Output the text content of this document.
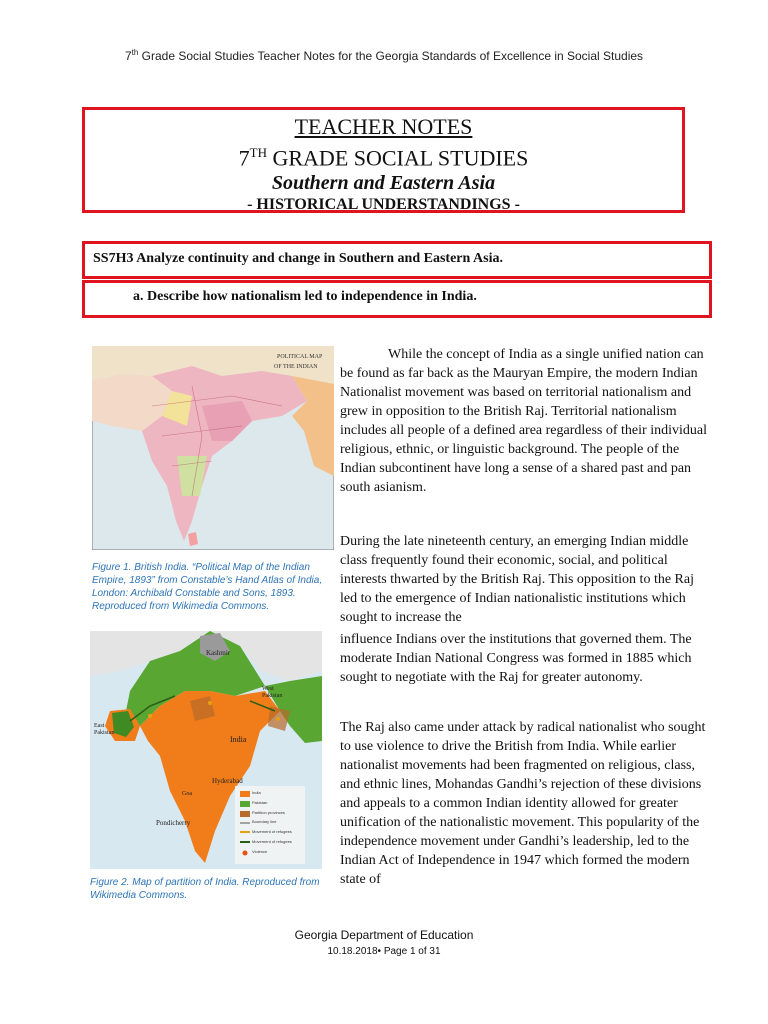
7th Grade Social Studies Teacher Notes for the Georgia Standards of Excellence in Social Studies
TEACHER NOTES
7TH GRADE SOCIAL STUDIES
Southern and Eastern Asia
- HISTORICAL UNDERSTANDINGS -
SS7H3 Analyze continuity and change in Southern and Eastern Asia.
a. Describe how nationalism led to independence in India.
POLITICAL MAP
OF THE INDIAN
Figure 1. British India. “Political Map of the Indian Empire, 1893” from Constable’s Hand Atlas of India, London: Archibald Constable and Sons, 1893. Reproduced from Wikimedia Commons.
Kashmir
West Pakistan
East Pakistan
India
Hyderabad
Goa
Pondicherry
India
Pakistan
Partition provinces
Boundary line
Movement of refugees
Movement of refugees
Violence
Figure 2. Map of partition of India. Reproduced from Wikimedia Commons.

While the concept of India as a single unified nation can be found as far back as the Mauryan Empire, the modern Indian Nationalist movement was based on territorial nationalism and grew in opposition to the British Raj. Territorial nationalism includes all people of a defined area regardless of their individual religious, ethnic, or linguistic background. The people of the Indian subcontinent have long a sense of a shared past and pan south asianism.

During the late nineteenth century, an emerging Indian middle class frequently found their economic, social, and political interests thwarted by the British Raj. This opposition to the Raj led to the emergence of Indian nationalistic institutions which sought to increase the

influence Indians over the institutions that governed them. The moderate Indian National Congress was formed in 1885 which sought to negotiate with the Raj for greater autonomy.

The Raj also came under attack by radical nationalist who sought to use violence to drive the British from India. While earlier nationalist movements had been fragmented on religious, class, and ethnic lines, Mohandas Gandhi’s rejection of these divisions and appeals to a common Indian identity allowed for greater unification of the nationalistic movement. This popularity of the independence movement under Gandhi’s leadership, led to the Indian Act of Independence in 1947 which formed the modern state of

Georgia Department of Education
10.18.2018• Page 1 of 31
